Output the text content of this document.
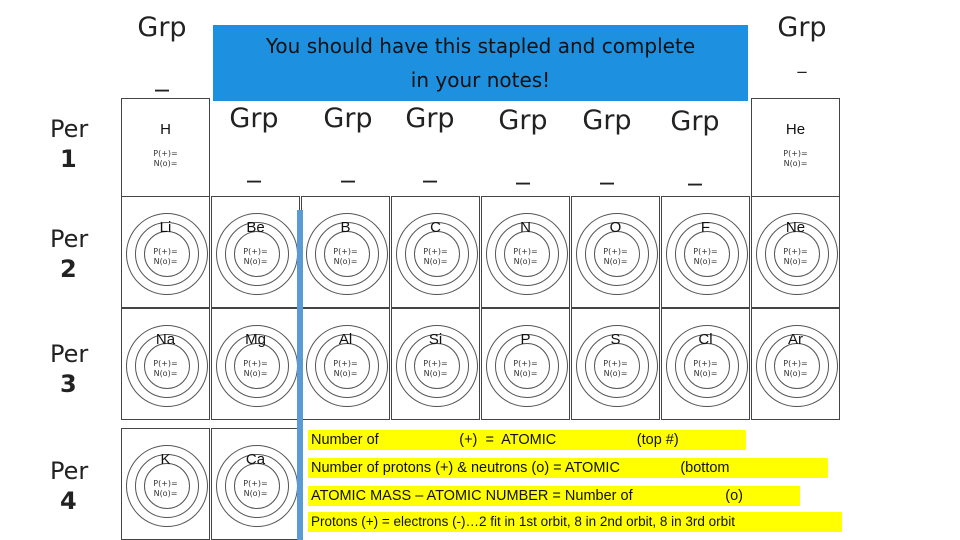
Grp
_
Grp
_
Grp
_
Grp
_
Grp
_
Grp
_
Grp
_
Grp
_
You should have this stapled and complete
in your notes!
Per
1
Per
2
Per
3
Per
4
H
P(+)=
N(o)=
He
P(+)=
N(o)=
Li
P(+)=
N(o)=
Be
P(+)=
N(o)=
B
P(+)=
N(o)=
C
P(+)=
N(o)=
N
P(+)=
N(o)=
O
P(+)=
N(o)=
F
P(+)=
N(o)=
Ne
P(+)=
N(o)=
Na
P(+)=
N(o)=
Mg
P(+)=
N(o)=
Al
P(+)=
N(o)=
Si
P(+)=
N(o)=
P
P(+)=
N(o)=
S
P(+)=
N(o)=
Cl
P(+)=
N(o)=
Ar
P(+)=
N(o)=
K
P(+)=
N(o)=
Ca
P(+)=
N(o)=
Number of                    (+)  =  ATOMIC                    (top #)
Number of protons (+) & neutrons (o) = ATOMIC               (bottom
ATOMIC MASS – ATOMIC NUMBER = Number of                       (o)
Protons (+) = electrons (-)…2 fit in 1st orbit, 8 in 2nd orbit, 8 in 3rd orbit
